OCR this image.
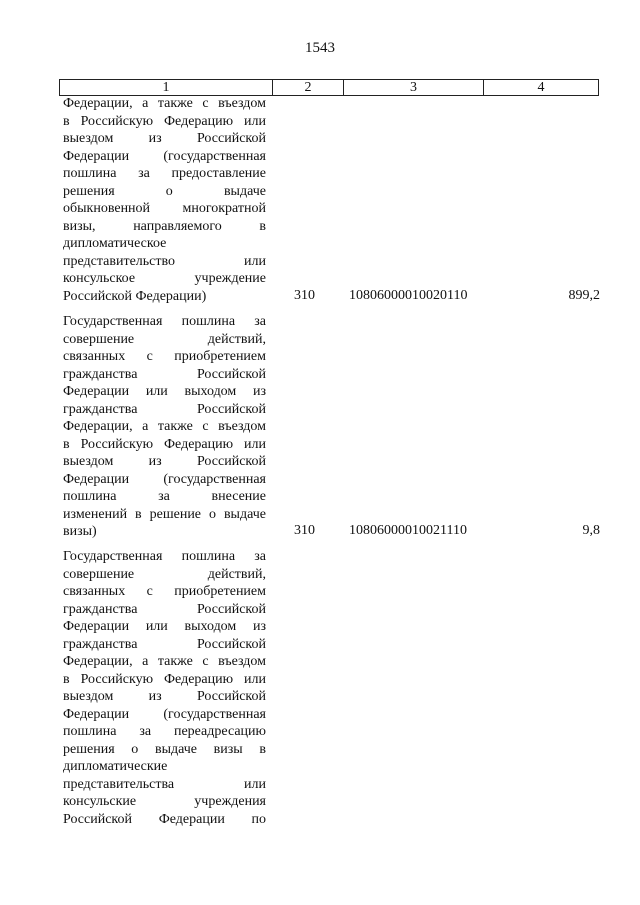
1543
1	2	3	4
Федерации, а также с въездом
в Российскую Федерацию или
выездом из Российской
Федерации (государственная
пошлина за предоставление
решения о выдаче
обыкновенной многократной
визы, направляемого в
дипломатическое
представительство или
консульское учреждение
Российской Федерации)	310 10806000010020110	899,2
Государственная пошлина за
совершение действий,
связанных с приобретением
гражданства Российской
Федерации или выходом из
гражданства Российской
Федерации, а также с въездом
в Российскую Федерацию или
выездом из Российской
Федерации (государственная
пошлина за внесение
изменений в решение о выдаче
визы)	310 10806000010021110	9,8
Государственная пошлина за
совершение действий,
связанных с приобретением
гражданства Российской
Федерации или выходом из
гражданства Российской
Федерации, а также с въездом
в Российскую Федерацию или
выездом из Российской
Федерации (государственная
пошлина за переадресацию
решения о выдаче визы в
дипломатические
представительства или
консульские учреждения
Российской Федерации по
